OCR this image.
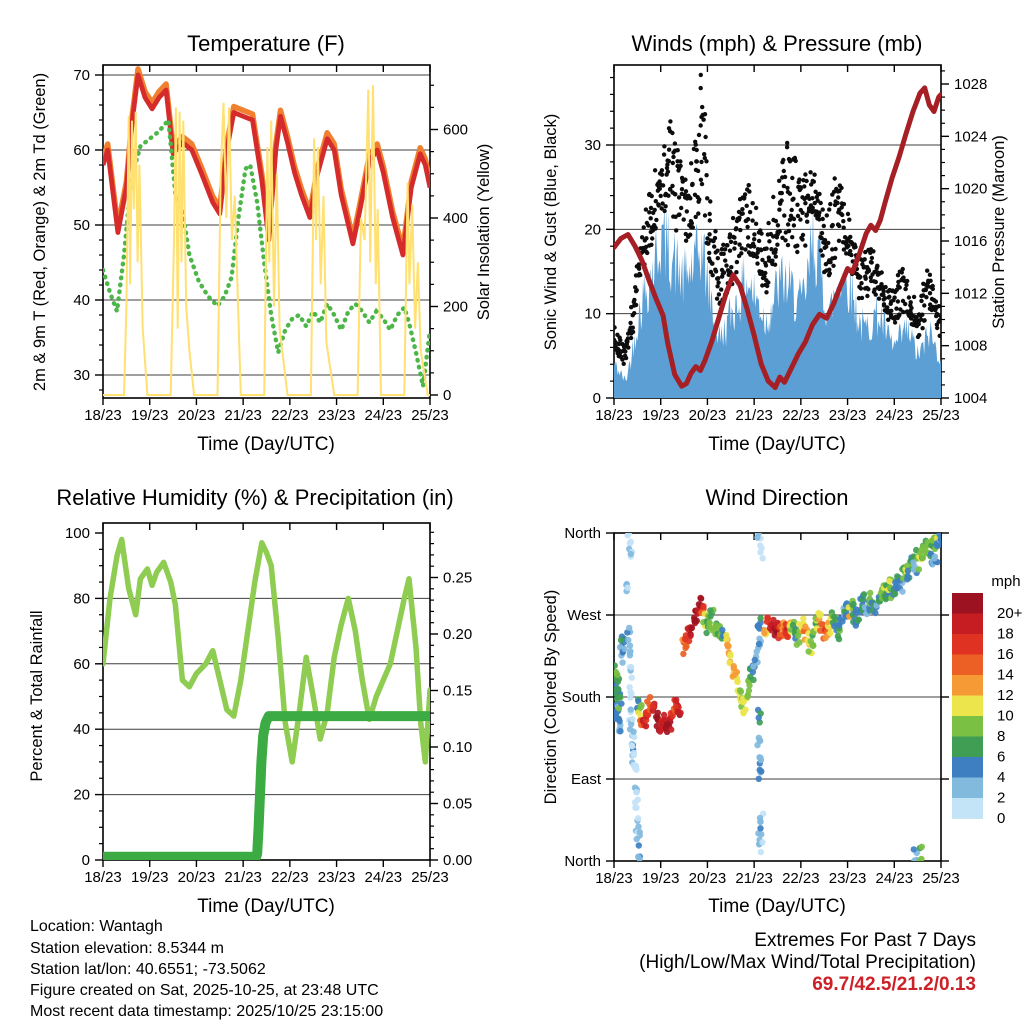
18/23 19/23 20/23 21/23 22/23 23/23 24/23 25/23
30
40
50
60
70
0
200
400
600
18/23 19/23 20/23 21/23 22/23 23/23 24/23 25/23
0
10
20
30
1004
1008
1012
1016
1020
1024
1028
18/23 19/23 20/23 21/23 22/23 23/23 24/23 25/23
0
20
40
60
80
100
0.00
0.05
0.10
0.15
0.20
0.25
18/23 19/23 20/23 21/23 22/23 23/23 24/23 25/23
North
West
South
East
North
20+
18
16
14
12
10
8
6
4
2
0
Temperature (F)	Winds (mph) & Pressure (mb)
Relative Humidity (%) & Precipitation (in)	Wind Direction
2m & 9m T (Red, Orange) & 2m Td (Green)	Solar Insolation (Yellow)	Sonic Wind & Gust (Blue, Black)	Station Pressure (Maroon)
Percent & Total Rainfall	Direction (Colored By Speed)
Time (Day/UTC)	Time (Day/UTC)
Time (Day/UTC)	Time (Day/UTC)
mph
Location: Wantagh
Station elevation: 8.5344 m
Station lat/lon: 40.6551; -73.5062
Figure created on Sat, 2025-10-25, at 23:48 UTC
Most recent data timestamp: 2025/10/25 23:15:00
Extremes For Past 7 Days
(High/Low/Max Wind/Total Precipitation)
69.7/42.5/21.2/0.13
